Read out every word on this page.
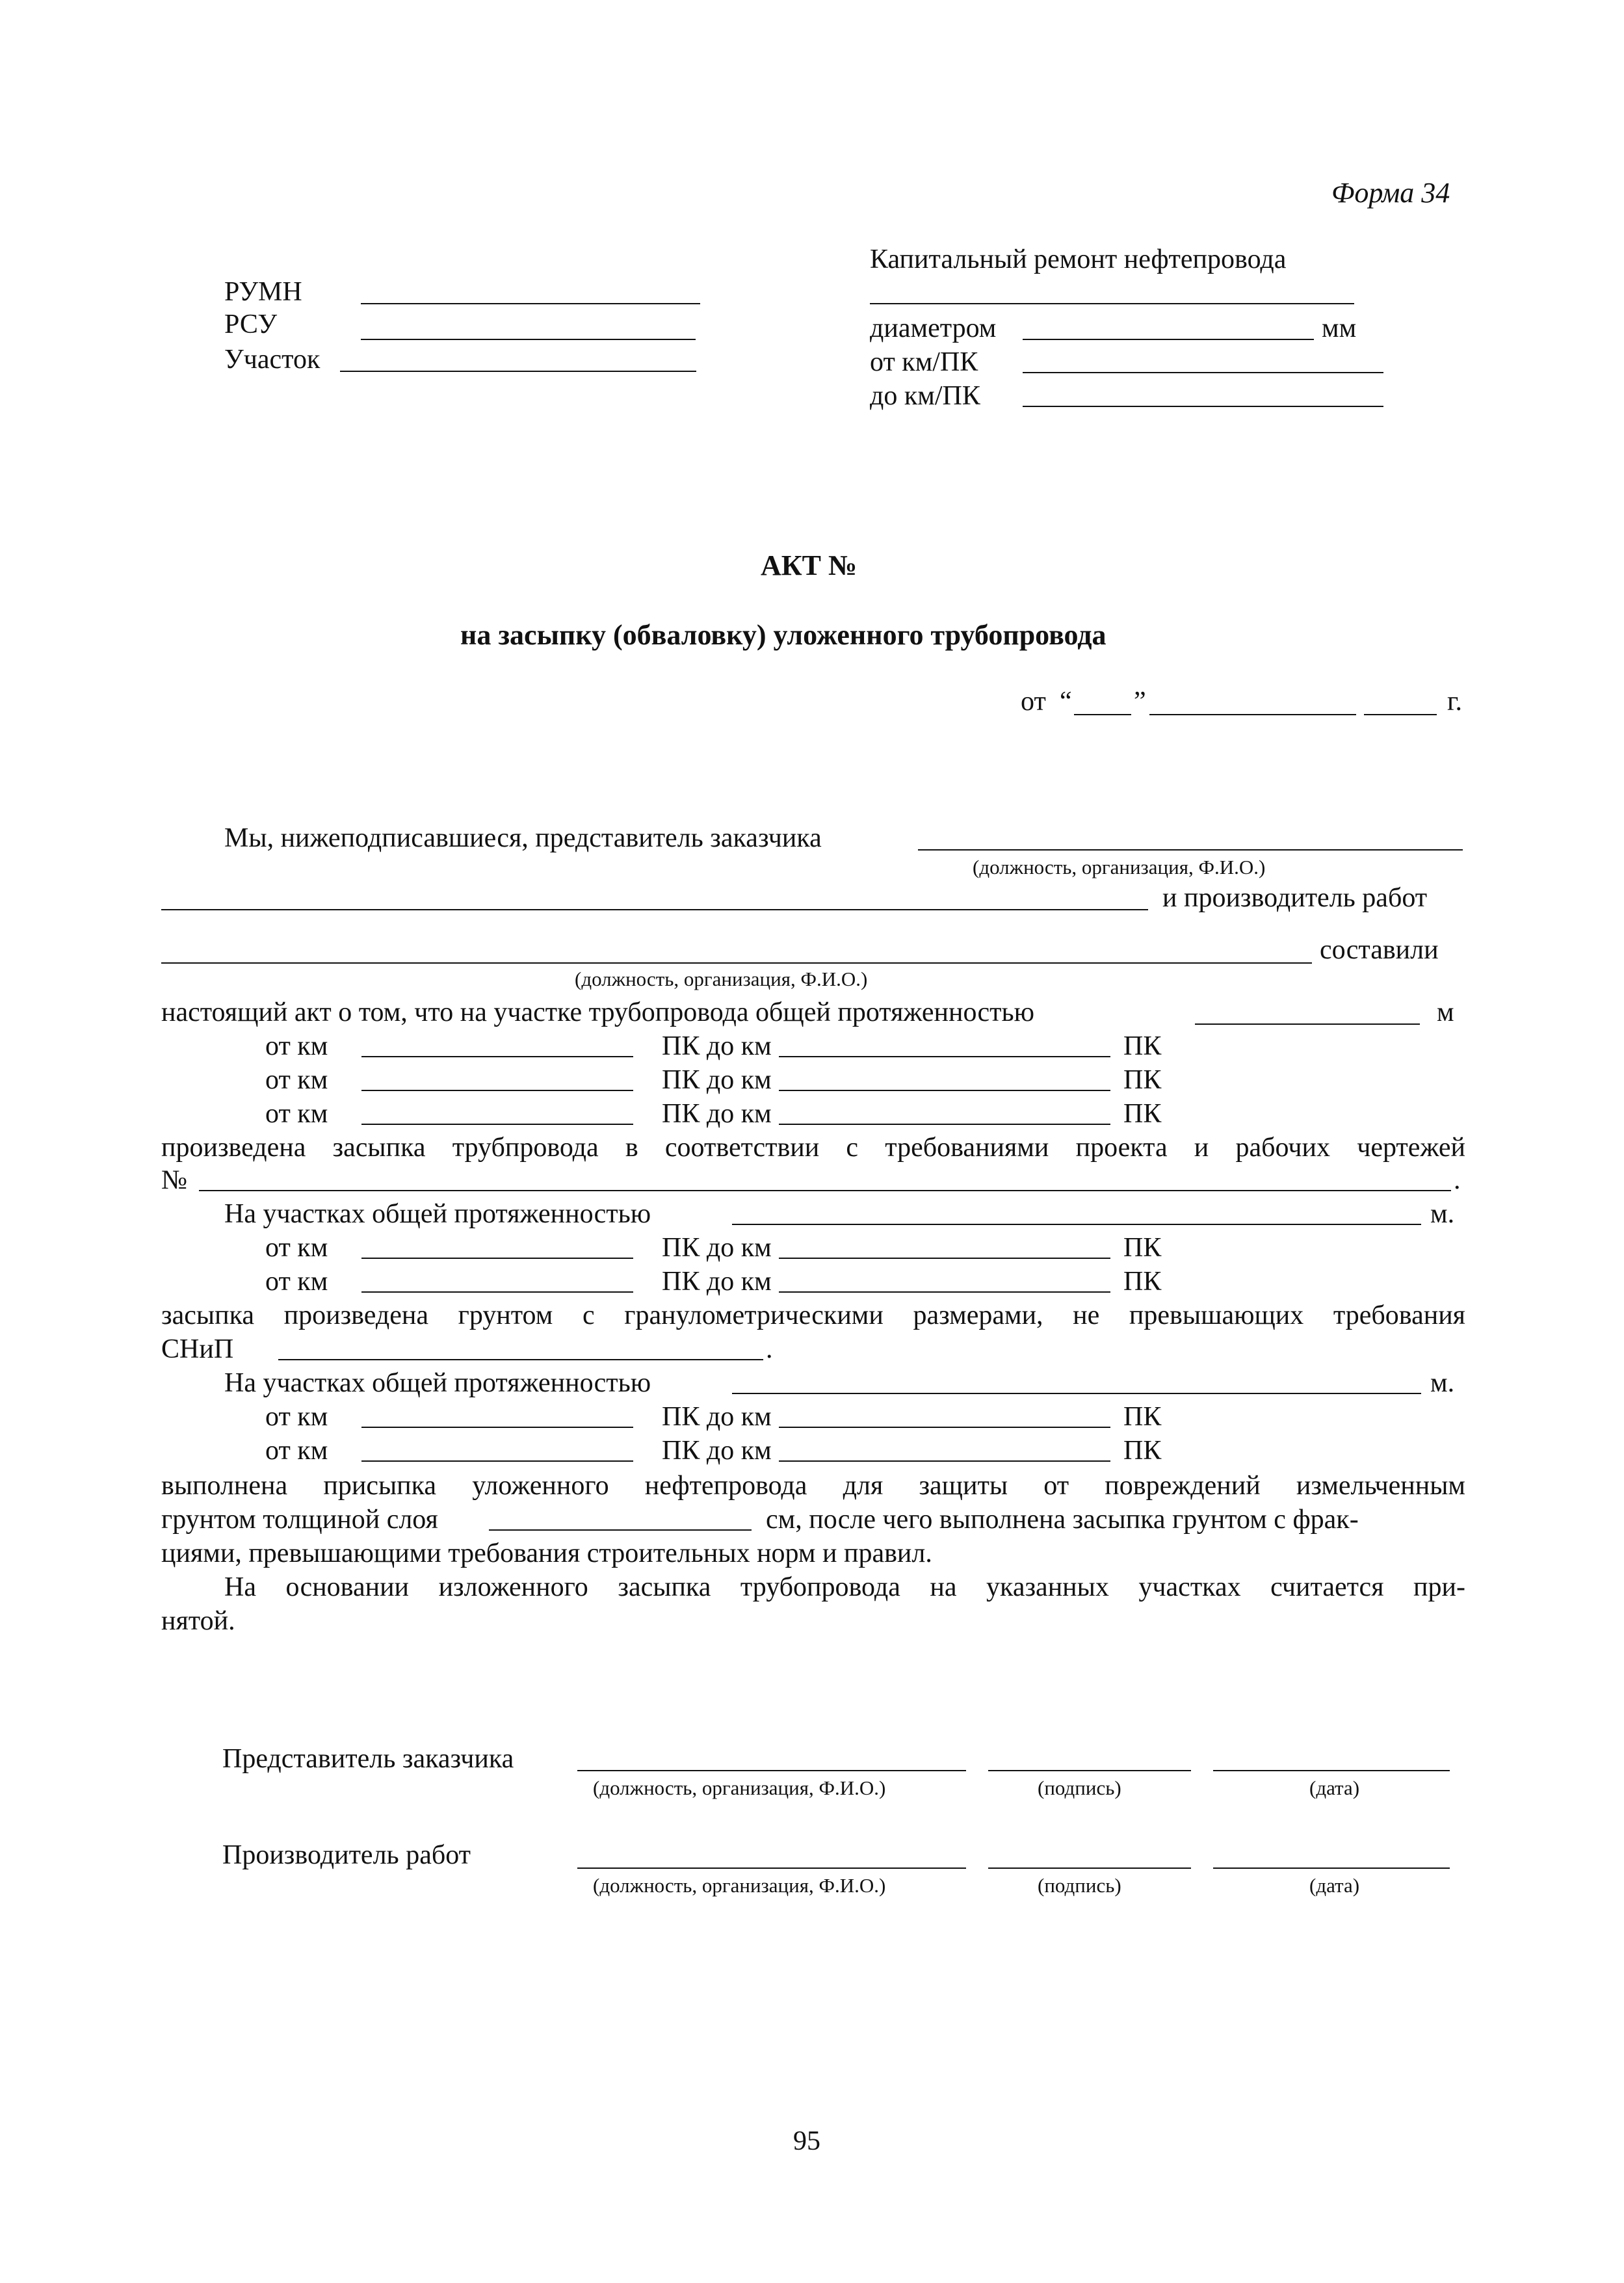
Форма 34
РУМН
РСУ
Участок
Капитальный ремонт нефтепровода
диаметром	мм
от км/ПК
до км/ПК
АКТ №
на засыпку (обваловку) уложенного трубопровода
от “ ”	г.
Мы, нижеподписавшиеся, представитель заказчика
(должность, организация, Ф.И.О.)
и производитель работ
составили
(должность, организация, Ф.И.О.)
настоящий акт о том, что на участке трубопровода общей протяженностью	м
от км	ПК до км	ПК
от км	ПК до км	ПК
от км	ПК до км	ПК
произведена засыпка трубпровода в соответствии с требованиями проекта и рабочих чертежей
№	.
На участках общей протяженностью	м.
от км	ПК до км	ПК
от км	ПК до км	ПК
засыпка произведена грунтом с гранулометрическими размерами, не превышающих требования
СНиП	.
На участках общей протяженностью	м.
от км	ПК до км	ПК
от км	ПК до км	ПК
выполнена присыпка уложенного нефтепровода для защиты от повреждений измельченным
грунтом толщиной слоя	см, после чего выполнена засыпка грунтом с фрак-
циями, превышающими требования строительных норм и правил.
На основании изложенного засыпка трубопровода на указанных участках считается при-
нятой.
Представитель заказчика
(должность, организация, Ф.И.О.)	(подпись)	(дата)
Производитель работ
(должность, организация, Ф.И.О.)	(подпись)	(дата)
95
